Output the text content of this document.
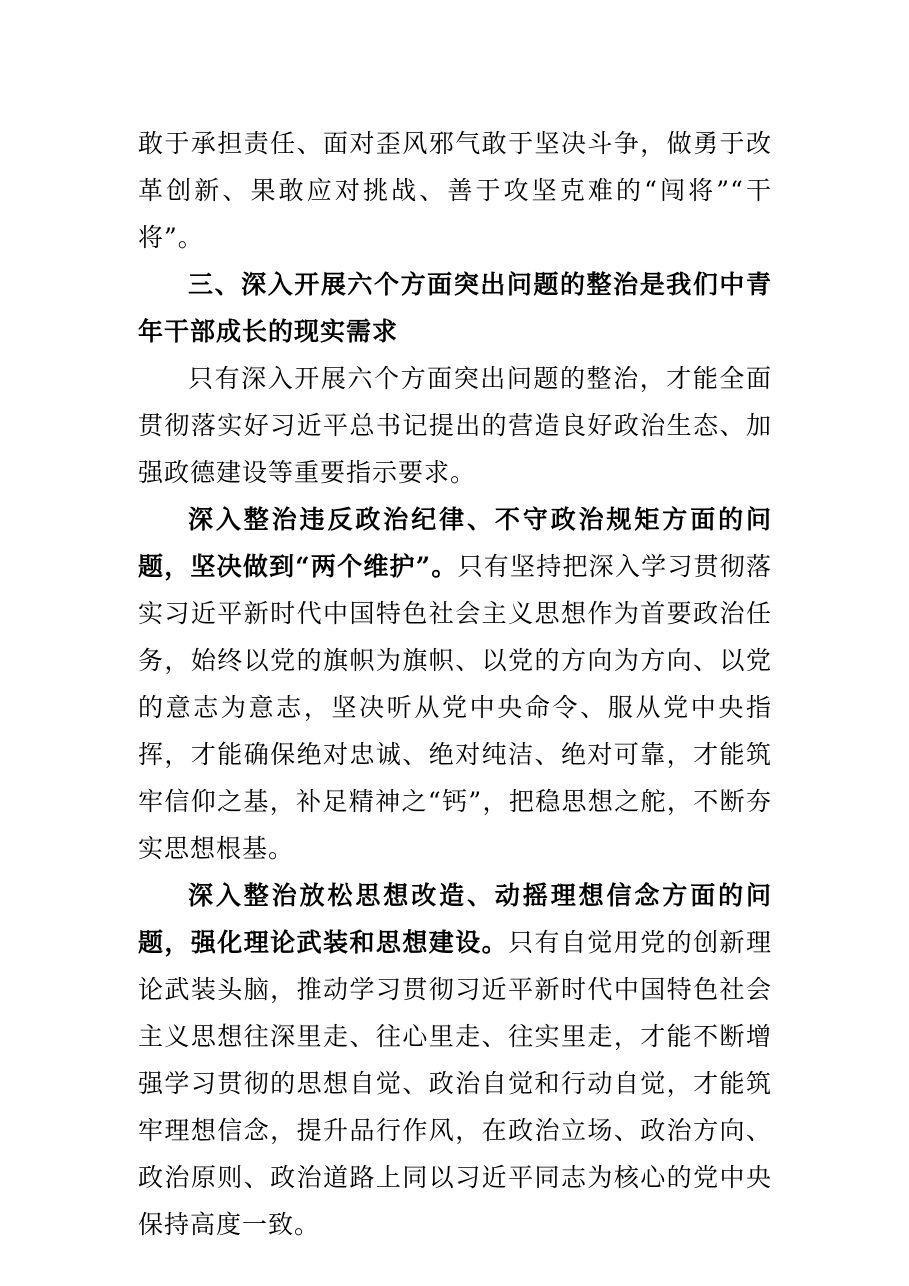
敢于承担责任、面对歪风邪气敢于坚决斗争，做勇于改革创新、果敢应对挑战、善于攻坚克难的“闯将”“干将”。

三、深入开展六个方面突出问题的整治是我们中青年干部成长的现实需求

只有深入开展六个方面突出问题的整治，才能全面贯彻落实好习近平总书记提出的营造良好政治生态、加强政德建设等重要指示要求。

深入整治违反政治纪律、不守政治规矩方面的问题，坚决做到“两个维护”。只有坚持把深入学习贯彻落实习近平新时代中国特色社会主义思想作为首要政治任务，始终以党的旗帜为旗帜、以党的方向为方向、以党的意志为意志，坚决听从党中央命令、服从党中央指挥，才能确保绝对忠诚、绝对纯洁、绝对可靠，才能筑牢信仰之基，补足精神之“钙”，把稳思想之舵，不断夯实思想根基。

深入整治放松思想改造、动摇理想信念方面的问题，强化理论武装和思想建设。只有自觉用党的创新理论武装头脑，推动学习贯彻习近平新时代中国特色社会主义思想往深里走、往心里走、往实里走，才能不断增强学习贯彻的思想自觉、政治自觉和行动自觉，才能筑牢理想信念，提升品行作风，在政治立场、政治方向、政治原则、政治道路上同以习近平同志为核心的党中央保持高度一致。
